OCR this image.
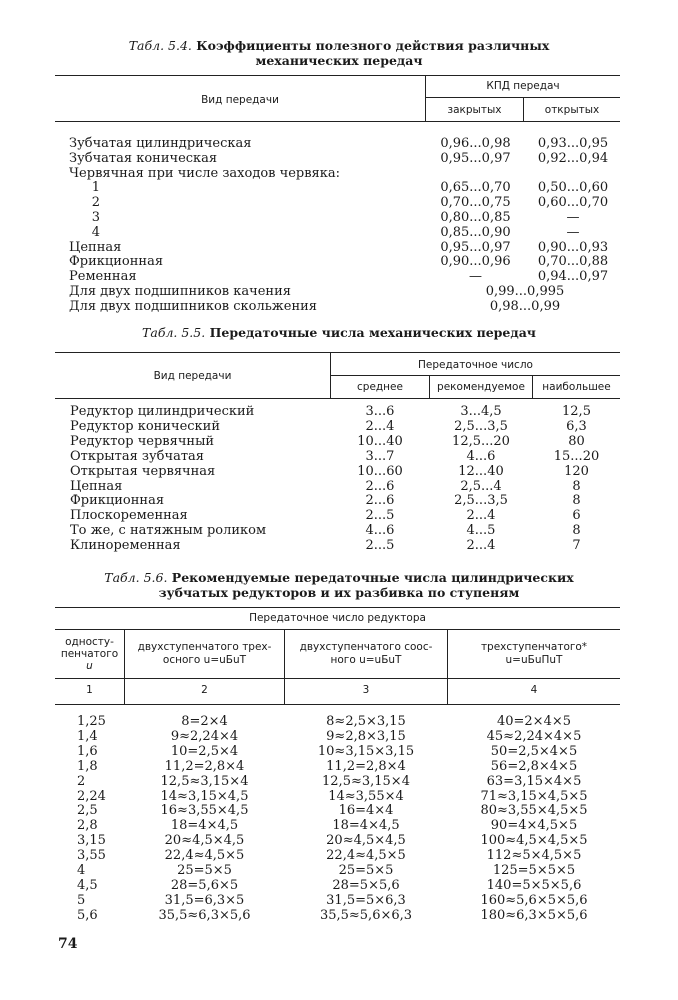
Табл. 5.4. Коэффициенты полезного действия различных
механических передач
Вид передачи
КПД передач
закрытых	открытых
Зубчатая цилиндрическая	0,96...0,98	0,93...0,95
Зубчатая коническая	0,95...0,97	0,92...0,94
Червячная при числе заходов червяка:
1	0,65...0,70	0,50...0,60
2	0,70...0,75	0,60...0,70
3	0,80...0,85	—
4	0,85...0,90	—
Цепная	0,95...0,97	0,90...0,93
Фрикционная	0,90...0,96	0,70...0,88
Ременная	—	0,94...0,97
Для двух подшипников качения	0,99...0,995
Для двух подшипников скольжения	0,98...0,99
Табл. 5.5. Передаточные числа механических передач
Вид передачи
Передаточное число
среднее	рекомендуемое	наибольшее
Редуктор цилиндрический	3...6	3...4,5	12,5
Редуктор конический	2...4	2,5...3,5	6,3
Редуктор червячный	10...40	12,5...20	80
Открытая зубчатая	3...7	4...6	15...20
Открытая червячная	10...60	12...40	120
Цепная	2...6	2,5...4	8
Фрикционная	2...6	2,5...3,5	8
Плоскоременная	2...5	2...4	6
То же, с натяжным роликом	4...6	4...5	8
Клиноременная	2...5	2...4	7
Табл. 5.6. Рекомендуемые передаточные числа цилиндрических
зубчатых редукторов и их разбивка по ступеням
Передаточное число редуктора
односту-
пенчатого
u
двухступенчатого трех-
осного u=uБuТ
двухступенчатого соос-
ного u=uБuТ
трехступенчатого*
u=uБuПuТ
1	2	3	4
1,25	8=2×4	8≈2,5×3,15	40=2×4×5
1,4	9≈2,24×4	9≈2,8×3,15	45≈2,24×4×5
1,6	10=2,5×4	10≈3,15×3,15	50=2,5×4×5
1,8	11,2=2,8×4	11,2=2,8×4	56=2,8×4×5
2	12,5≈3,15×4	12,5≈3,15×4	63=3,15×4×5
2,24	14≈3,15×4,5	14≈3,55×4	71≈3,15×4,5×5
2,5	16≈3,55×4,5	16=4×4	80≈3,55×4,5×5
2,8	18=4×4,5	18=4×4,5	90=4×4,5×5
3,15	20≈4,5×4,5	20≈4,5×4,5	100≈4,5×4,5×5
3,55	22,4≈4,5×5	22,4≈4,5×5	112≈5×4,5×5
4	25=5×5	25=5×5	125=5×5×5
4,5	28=5,6×5	28=5×5,6	140=5×5×5,6
5	31,5=6,3×5	31,5=5×6,3	160≈5,6×5×5,6
5,6	35,5≈6,3×5,6	35,5≈5,6×6,3	180≈6,3×5×5,6
74
